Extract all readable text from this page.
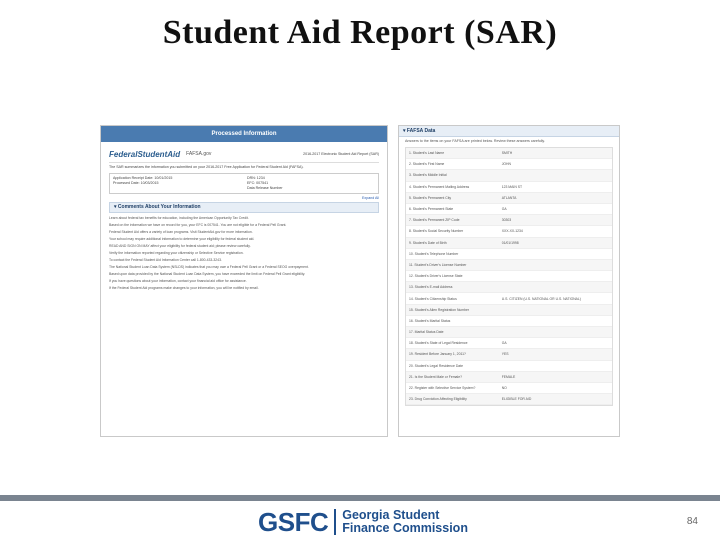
Student Aid Report (SAR)
Processed Information
FederalStudentAid FAFSA.gov	2016-2017 Electronic Student Aid Report (SAR)
The SAR summarizes the information you submitted on your 2016-2017 Free Application for Federal Student Aid (FAFSA).
Application Receipt Date: 10/01/2015
Processed Date: 10/03/2015
DRN: 1234
EFC: 007541
Data Release Number
Expand All
▾ Comments About Your Information

Learn about federal tax benefits for education, including the American Opportunity Tax Credit.

Based on the information we have on record for you, your EFC is 007541. You are not eligible for a Federal Pell Grant.

Federal Student Aid offers a variety of loan programs. Visit StudentAid.gov for more information.

Your school may require additional information to determine your eligibility for federal student aid.

READ AND SIGN ON MAY affect your eligibility for federal student aid; please review carefully.

Verify the information reported regarding your citizenship or Selective Service registration.

To contact the Federal Student Aid Information Center call 1-800-433-3243.

The National Student Loan Data System (NSLDS) indicates that you may owe a Federal Pell Grant or a Federal SEOG overpayment.

Based upon data provided by the National Student Loan Data System, you have exceeded the limit on Federal Pell Grant eligibility.

If you have questions about your information, contact your financial aid office for assistance.

If the Federal Student Aid programs make changes to your information, you will be notified by email.

▾ FAFSA Data
Answers to the items on your FAFSA are printed below. Review these answers carefully.
1. Student's Last Name	SMITH
2. Student's First Name	JOHN
3. Student's Middle Initial
4. Student's Permanent Mailing Address	123 MAIN ST
5. Student's Permanent City	ATLANTA
6. Student's Permanent State	GA
7. Student's Permanent ZIP Code	30303
8. Student's Social Security Number	XXX-XX-1234
9. Student's Date of Birth	01/01/1998
10. Student's Telephone Number
11. Student's Driver's License Number
12. Student's Driver's License State
13. Student's E-mail Address
14. Student's Citizenship Status	U.S. CITIZEN (U.S. NATIONAL OR U.S. NATIONAL)
15. Student's Alien Registration Number
16. Student's Marital Status
17. Marital Status Date
18. Student's State of Legal Residence	GA
19. Resident Before January 1, 2011?	YES
20. Student's Legal Residence Date
21. Is the Student Male or Female?	FEMALE
22. Register with Selective Service System?	NO
23. Drug Conviction Affecting Eligibility	ELIGIBLE FOR AID
GSFC Georgia Student
Finance Commission	84
